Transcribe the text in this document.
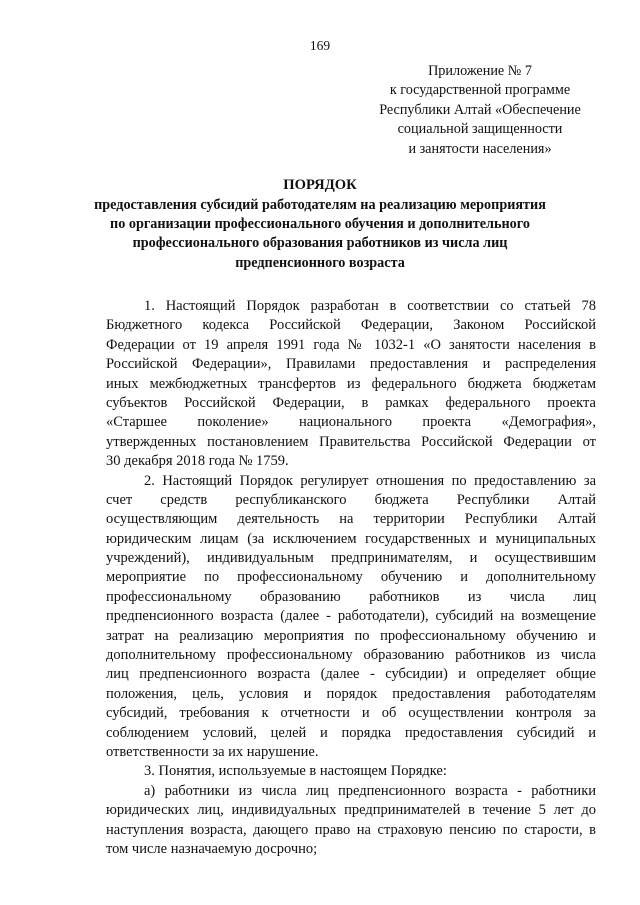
169
Приложение № 7
к государственной программе
Республики Алтай «Обеспечение
социальной защищенности
и занятости населения»
ПОРЯДОК
предоставления субсидий работодателям на реализацию мероприятия
по организации профессионального обучения и дополнительного
профессионального образования работников из числа лиц
предпенсионного возраста
1. Настоящий Порядок разработан в соответствии со статьей 78
Бюджетного кодекса Российской Федерации, Законом Российской
Федерации от 19 апреля 1991 года № 1032-1 «О занятости населения в
Российской Федерации», Правилами предоставления и распределения
иных межбюджетных трансфертов из федерального бюджета бюджетам
субъектов Российской Федерации, в рамках федерального проекта
«Старшее поколение» национального проекта «Демография»,
утвержденных постановлением Правительства Российской Федерации от
30 декабря 2018 года № 1759.
2. Настоящий Порядок регулирует отношения по предоставлению за
счет средств республиканского бюджета Республики Алтай
осуществляющим деятельность на территории Республики Алтай
юридическим лицам (за исключением государственных и муниципальных
учреждений), индивидуальным предпринимателям, и осуществившим
мероприятие по профессиональному обучению и дополнительному
профессиональному образованию работников из числа лиц
предпенсионного возраста (далее - работодатели), субсидий на возмещение
затрат на реализацию мероприятия по профессиональному обучению и
дополнительному профессиональному образованию работников из числа
лиц предпенсионного возраста (далее - субсидии) и определяет общие
положения, цель, условия и порядок предоставления работодателям
субсидий, требования к отчетности и об осуществлении контроля за
соблюдением условий, целей и порядка предоставления субсидий и
ответственности за их нарушение.
3. Понятия, используемые в настоящем Порядке:
а) работники из числа лиц предпенсионного возраста - работники
юридических лиц, индивидуальных предпринимателей в течение 5 лет до
наступления возраста, дающего право на страховую пенсию по старости, в
том числе назначаемую досрочно;
